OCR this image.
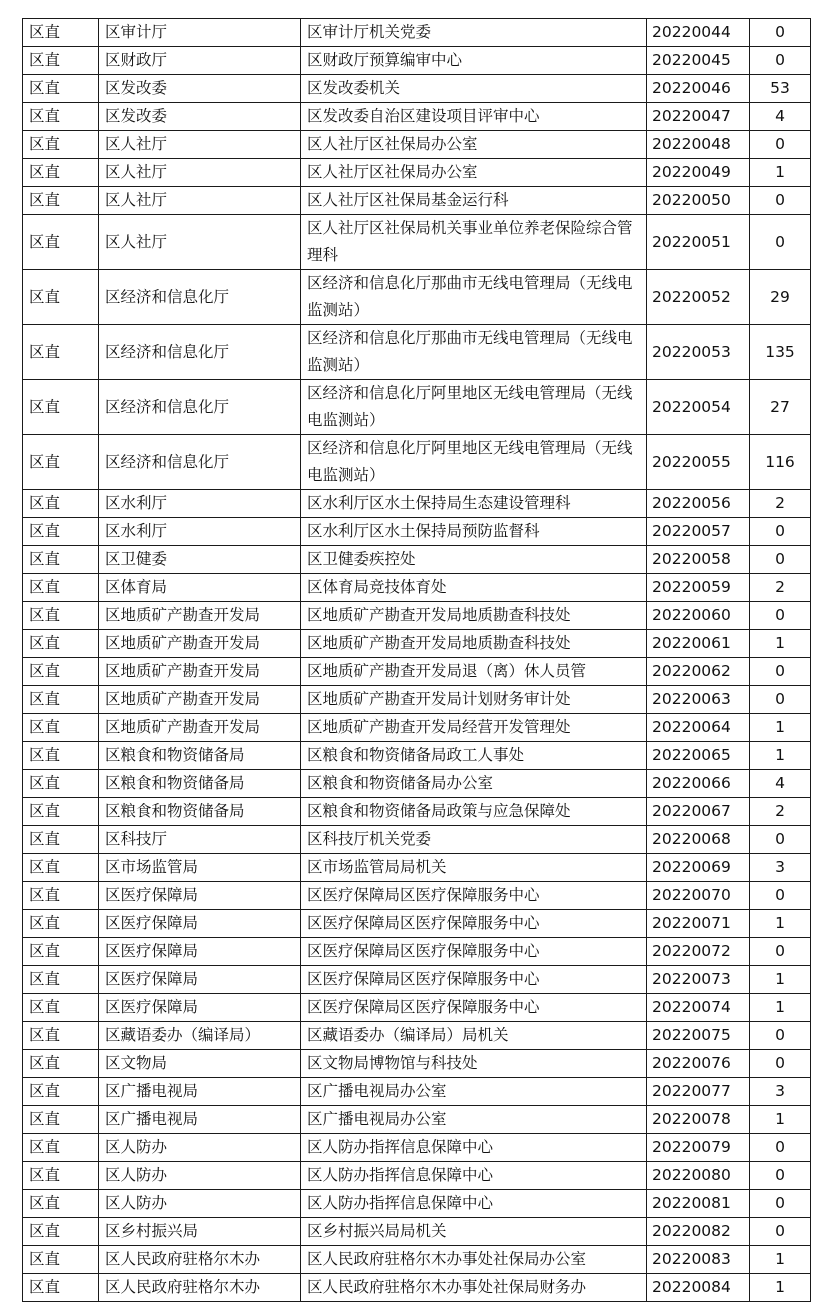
区直	区审计厅	区审计厅机关党委	20220044	0
区直	区财政厅	区财政厅预算编审中心	20220045	0
区直	区发改委	区发改委机关	20220046	53
区直	区发改委	区发改委自治区建设项目评审中心	20220047	4
区直	区人社厅	区人社厅区社保局办公室	20220048	0
区直	区人社厅	区人社厅区社保局办公室	20220049	1
区直	区人社厅	区人社厅区社保局基金运行科	20220050	0
区直	区人社厅	区人社厅区社保局机关事业单位养老保险综合管理科	20220051	0
区直	区经济和信息化厅	区经济和信息化厅那曲市无线电管理局（无线电监测站）	20220052	29
区直	区经济和信息化厅	区经济和信息化厅那曲市无线电管理局（无线电监测站）	20220053	135
区直	区经济和信息化厅	区经济和信息化厅阿里地区无线电管理局（无线电监测站）	20220054	27
区直	区经济和信息化厅	区经济和信息化厅阿里地区无线电管理局（无线电监测站）	20220055	116
区直	区水利厅	区水利厅区水土保持局生态建设管理科	20220056	2
区直	区水利厅	区水利厅区水土保持局预防监督科	20220057	0
区直	区卫健委	区卫健委疾控处	20220058	0
区直	区体育局	区体育局竞技体育处	20220059	2
区直	区地质矿产勘查开发局	区地质矿产勘查开发局地质勘查科技处	20220060	0
区直	区地质矿产勘查开发局	区地质矿产勘查开发局地质勘查科技处	20220061	1
区直	区地质矿产勘查开发局	区地质矿产勘查开发局退（离）休人员管	20220062	0
区直	区地质矿产勘查开发局	区地质矿产勘查开发局计划财务审计处	20220063	0
区直	区地质矿产勘查开发局	区地质矿产勘查开发局经营开发管理处	20220064	1
区直	区粮食和物资储备局	区粮食和物资储备局政工人事处	20220065	1
区直	区粮食和物资储备局	区粮食和物资储备局办公室	20220066	4
区直	区粮食和物资储备局	区粮食和物资储备局政策与应急保障处	20220067	2
区直	区科技厅	区科技厅机关党委	20220068	0
区直	区市场监管局	区市场监管局局机关	20220069	3
区直	区医疗保障局	区医疗保障局区医疗保障服务中心	20220070	0
区直	区医疗保障局	区医疗保障局区医疗保障服务中心	20220071	1
区直	区医疗保障局	区医疗保障局区医疗保障服务中心	20220072	0
区直	区医疗保障局	区医疗保障局区医疗保障服务中心	20220073	1
区直	区医疗保障局	区医疗保障局区医疗保障服务中心	20220074	1
区直	区藏语委办（编译局）	区藏语委办（编译局）局机关	20220075	0
区直	区文物局	区文物局博物馆与科技处	20220076	0
区直	区广播电视局	区广播电视局办公室	20220077	3
区直	区广播电视局	区广播电视局办公室	20220078	1
区直	区人防办	区人防办指挥信息保障中心	20220079	0
区直	区人防办	区人防办指挥信息保障中心	20220080	0
区直	区人防办	区人防办指挥信息保障中心	20220081	0
区直	区乡村振兴局	区乡村振兴局局机关	20220082	0
区直	区人民政府驻格尔木办	区人民政府驻格尔木办事处社保局办公室	20220083	1
区直	区人民政府驻格尔木办	区人民政府驻格尔木办事处社保局财务办	20220084	1
